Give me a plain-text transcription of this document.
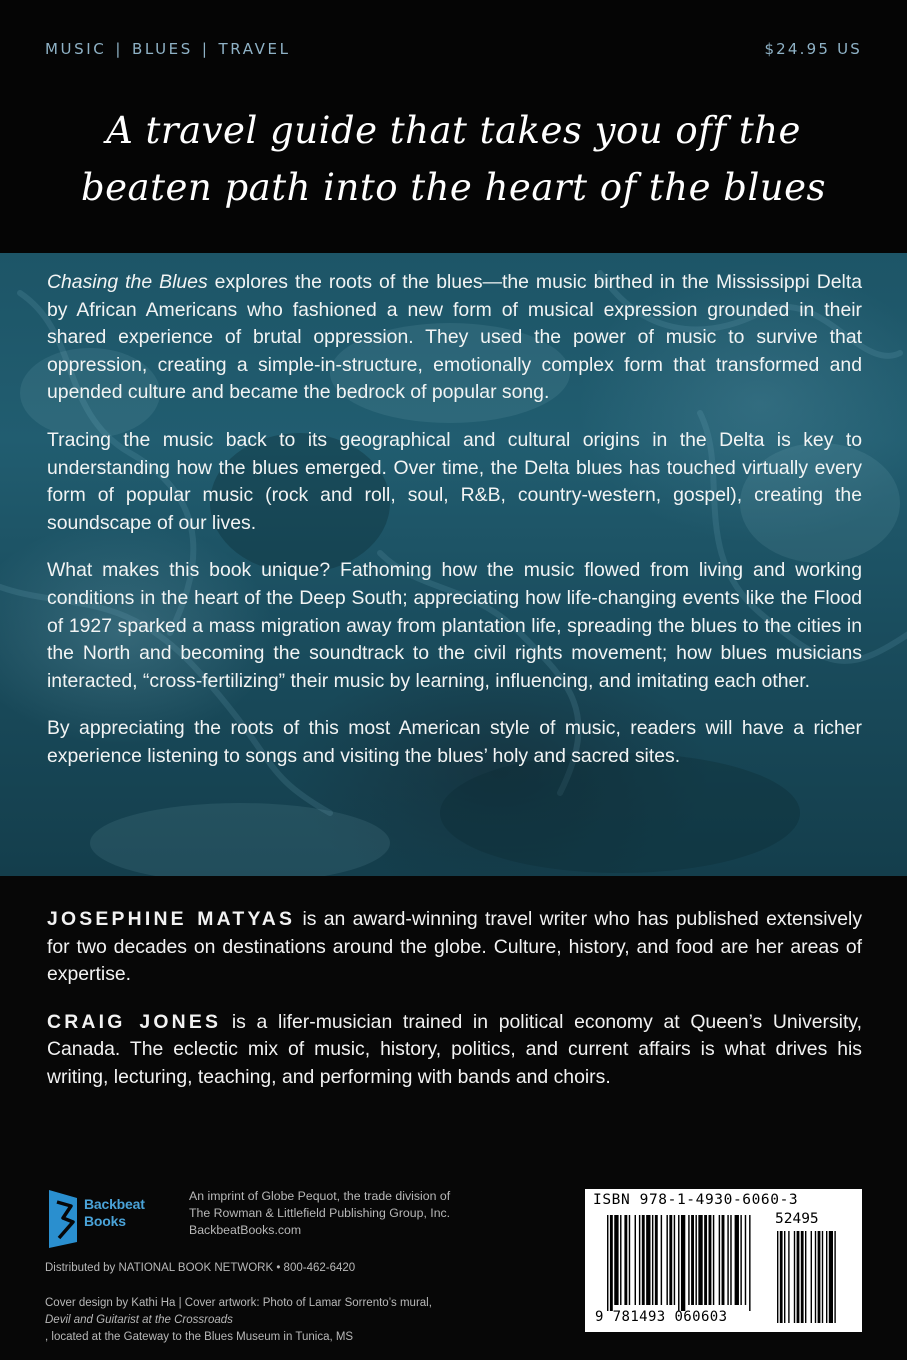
MUSIC | BLUES | TRAVEL	$24.95 US
A travel guide that takes you off the
beaten path into the heart of the blues

Chasing the Blues explores the roots of the blues—the music birthed in the Mississippi Delta by African Americans who fashioned a new form of musical expression grounded in their shared experience of brutal oppression. They used the power of music to survive that oppression, creating a simple-in-structure, emotionally complex form that transformed and upended culture and became the bedrock of popular song.

Tracing the music back to its geographical and cultural origins in the Delta is key to understanding how the blues emerged. Over time, the Delta blues has touched virtually every form of popular music (rock and roll, soul, R&B, country-western, gospel), creating the soundscape of our lives.

What makes this book unique? Fathoming how the music flowed from living and working conditions in the heart of the Deep South; appreciating how life-changing events like the Flood of 1927 sparked a mass migration away from plantation life, spreading the blues to the cities in the North and becoming the soundtrack to the civil rights movement; how blues musicians interacted, “cross-fertilizing” their music by learning, influencing, and imitating each other.

By appreciating the roots of this most American style of music, readers will have a richer experience listening to songs and visiting the blues’ holy and sacred sites.

JOSEPHINE MATYAS is an award-winning travel writer who has published extensively for two decades on destinations around the globe. Culture, history, and food are her areas of expertise.

CRAIG JONES is a lifer-musician trained in political economy at Queen’s University, Canada. The eclectic mix of music, history, politics, and current affairs is what drives his writing, lecturing, teaching, and performing with bands and choirs.

Backbeat
Books
An imprint of Globe Pequot, the trade division of
The Rowman & Littlefield Publishing Group, Inc.
BackbeatBooks.com
Distributed by NATIONAL BOOK NETWORK • 800-462-6420
Cover design by Kathi Ha | Cover artwork: Photo of Lamar Sorrento’s mural,
Devil and Guitarist at the Crossroads
, located at the Gateway to the Blues Museum in Tunica, MS
ISBN 978-1-4930-6060-3
52495
9 781493 060603
